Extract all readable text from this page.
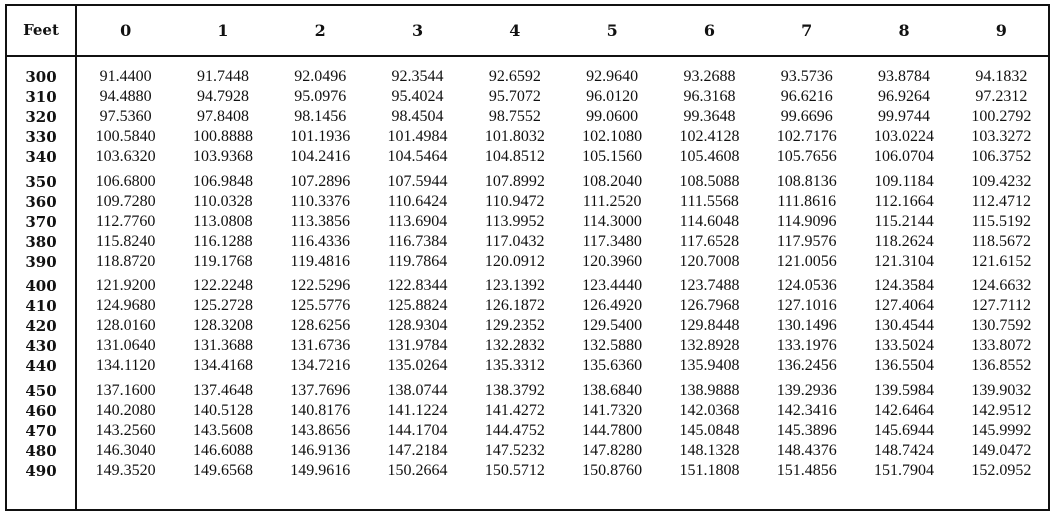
Feet	0	1	2	3	4	5	6	7	8	9
300	91.4400	91.7448	92.0496	92.3544	92.6592	92.9640	93.2688	93.5736	93.8784	94.1832
310	94.4880	94.7928	95.0976	95.4024	95.7072	96.0120	96.3168	96.6216	96.9264	97.2312
320	97.5360	97.8408	98.1456	98.4504	98.7552	99.0600	99.3648	99.6696	99.9744	100.2792
330	100.5840	100.8888	101.1936	101.4984	101.8032	102.1080	102.4128	102.7176	103.0224	103.3272
340	103.6320	103.9368	104.2416	104.5464	104.8512	105.1560	105.4608	105.7656	106.0704	106.3752
350	106.6800	106.9848	107.2896	107.5944	107.8992	108.2040	108.5088	108.8136	109.1184	109.4232
360	109.7280	110.0328	110.3376	110.6424	110.9472	111.2520	111.5568	111.8616	112.1664	112.4712
370	112.7760	113.0808	113.3856	113.6904	113.9952	114.3000	114.6048	114.9096	115.2144	115.5192
380	115.8240	116.1288	116.4336	116.7384	117.0432	117.3480	117.6528	117.9576	118.2624	118.5672
390	118.8720	119.1768	119.4816	119.7864	120.0912	120.3960	120.7008	121.0056	121.3104	121.6152
400	121.9200	122.2248	122.5296	122.8344	123.1392	123.4440	123.7488	124.0536	124.3584	124.6632
410	124.9680	125.2728	125.5776	125.8824	126.1872	126.4920	126.7968	127.1016	127.4064	127.7112
420	128.0160	128.3208	128.6256	128.9304	129.2352	129.5400	129.8448	130.1496	130.4544	130.7592
430	131.0640	131.3688	131.6736	131.9784	132.2832	132.5880	132.8928	133.1976	133.5024	133.8072
440	134.1120	134.4168	134.7216	135.0264	135.3312	135.6360	135.9408	136.2456	136.5504	136.8552
450	137.1600	137.4648	137.7696	138.0744	138.3792	138.6840	138.9888	139.2936	139.5984	139.9032
460	140.2080	140.5128	140.8176	141.1224	141.4272	141.7320	142.0368	142.3416	142.6464	142.9512
470	143.2560	143.5608	143.8656	144.1704	144.4752	144.7800	145.0848	145.3896	145.6944	145.9992
480	146.3040	146.6088	146.9136	147.2184	147.5232	147.8280	148.1328	148.4376	148.7424	149.0472
490	149.3520	149.6568	149.9616	150.2664	150.5712	150.8760	151.1808	151.4856	151.7904	152.0952
